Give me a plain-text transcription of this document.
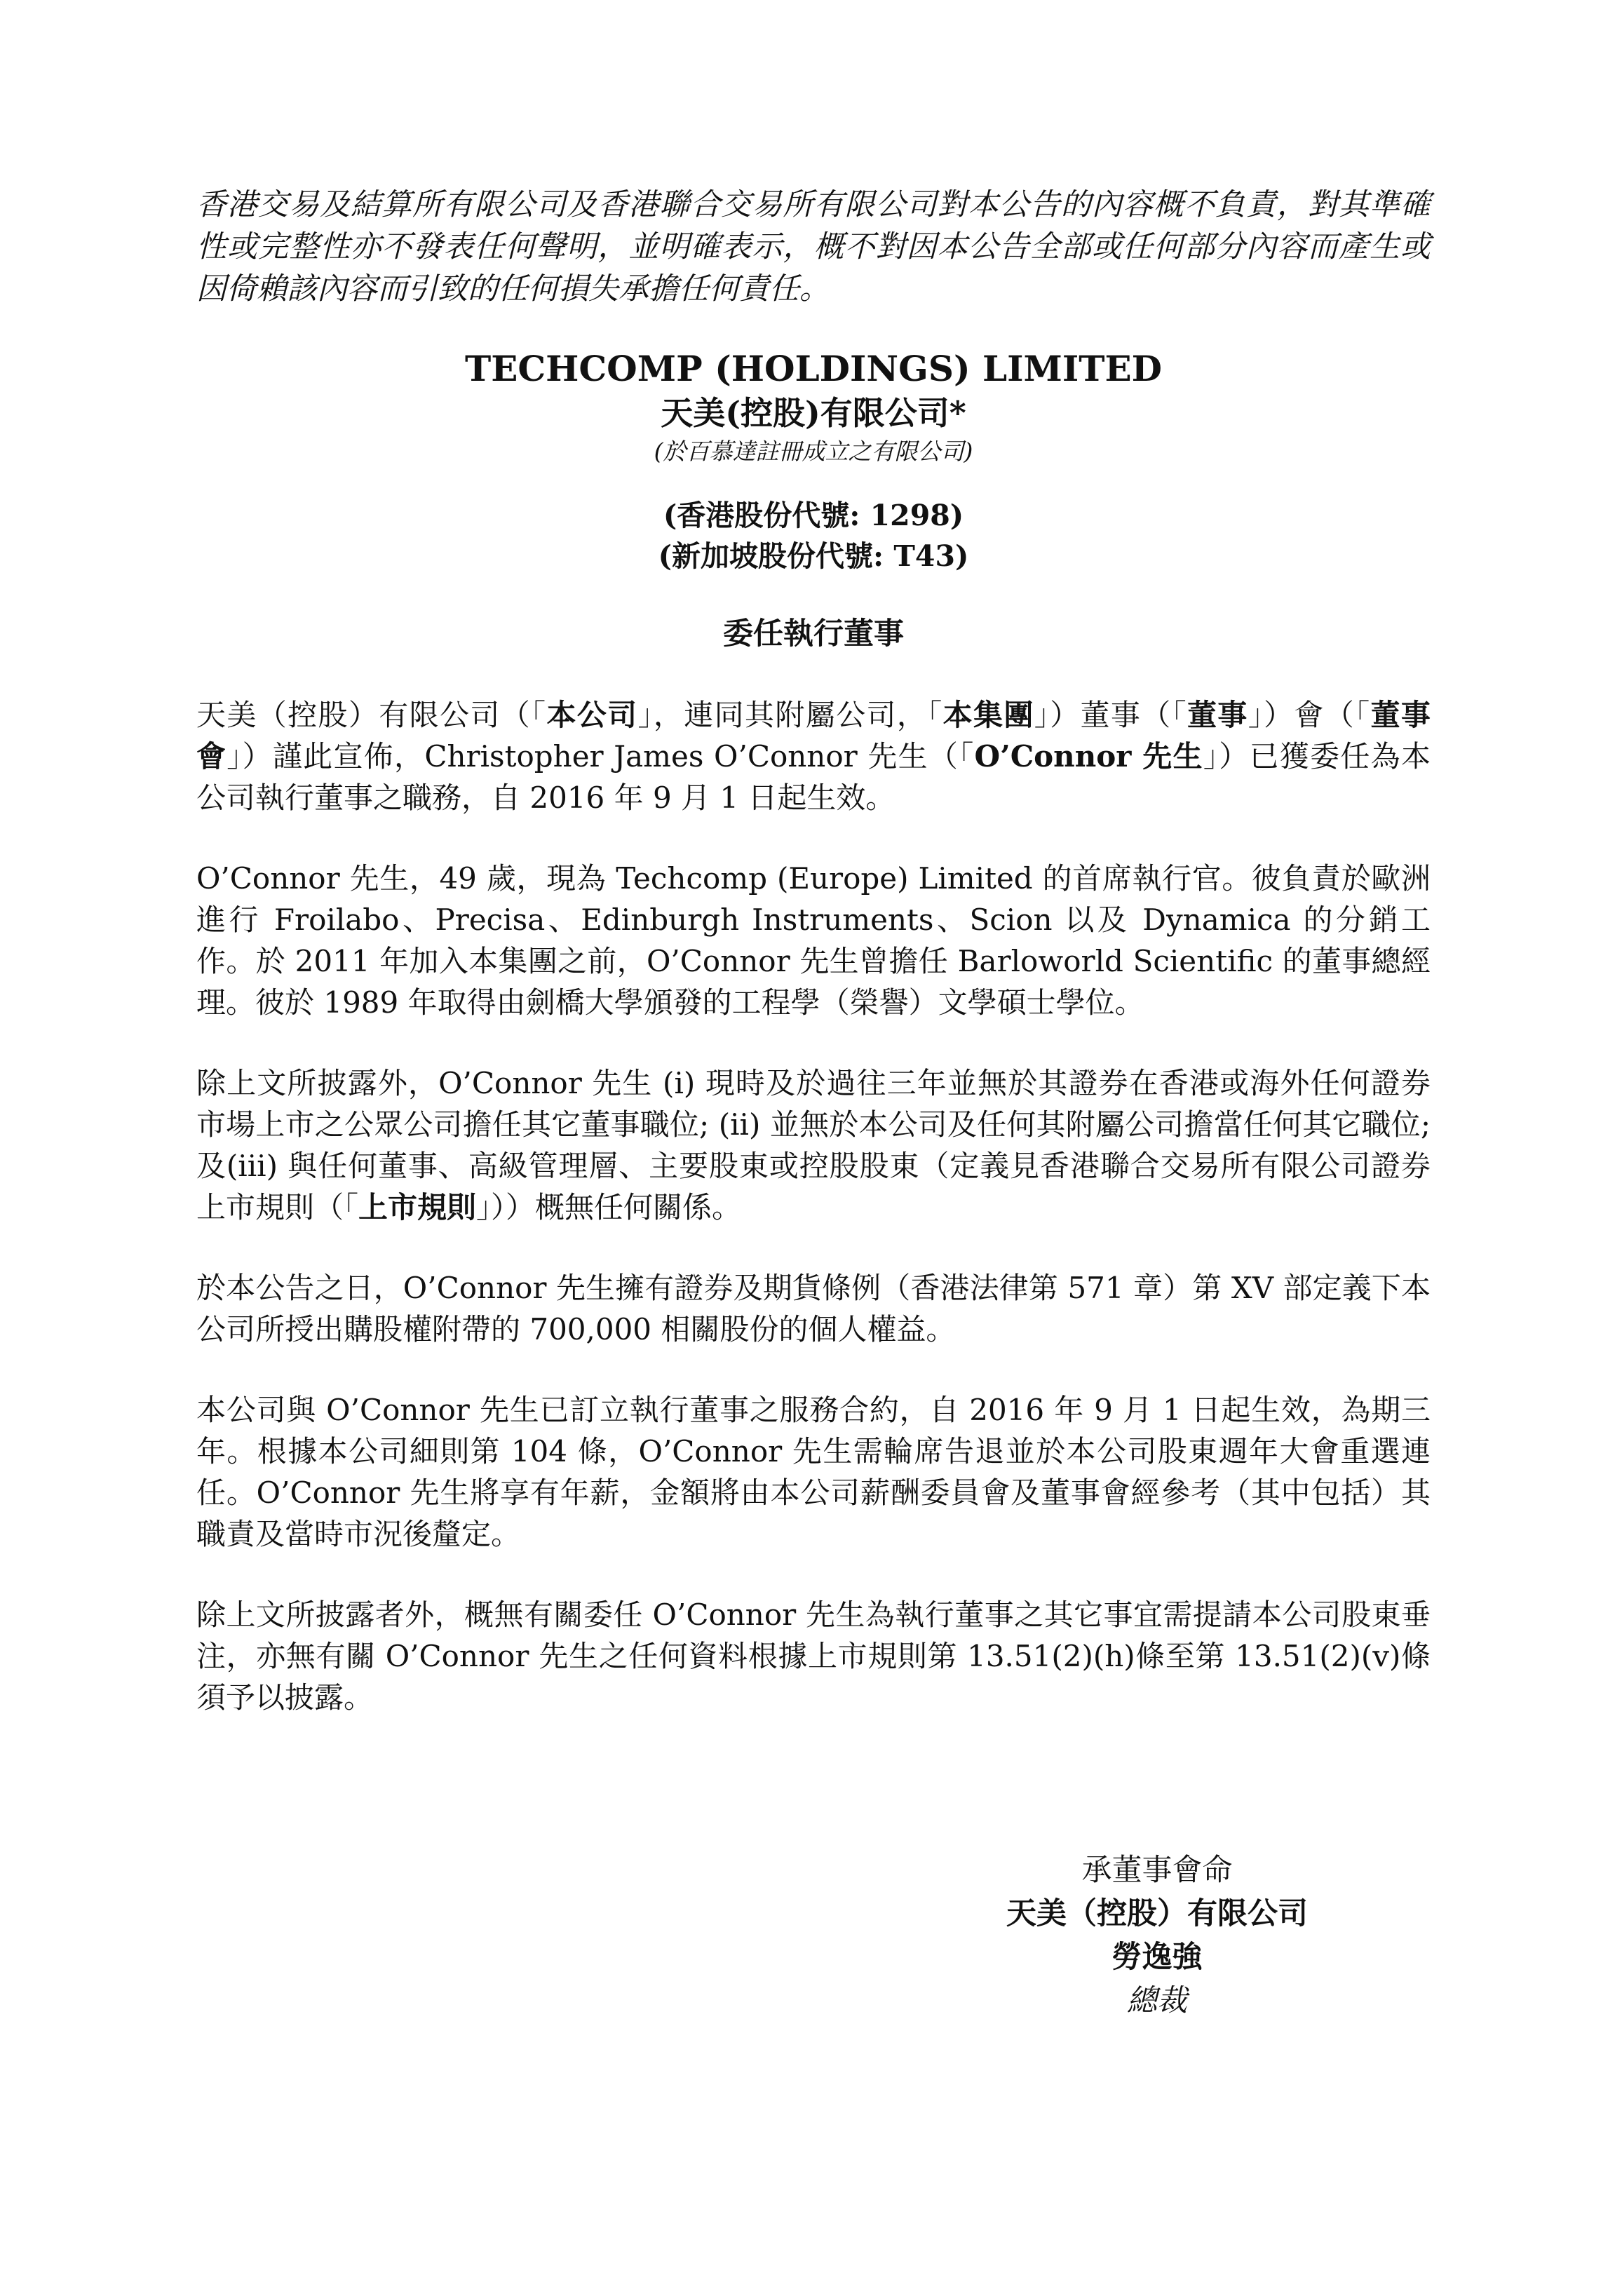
香港交易及結算所有限公司及香港聯合交易所有限公司對本公告的內容概不負責，對其準確性或完整性亦不發表任何聲明，並明確表示，概不對因本公告全部或任何部分內容而產生或因倚賴該內容而引致的任何損失承擔任何責任。

TECHCOMP (HOLDINGS) LIMITED
天美(控股)有限公司*
(於百慕達註冊成立之有限公司)
(香港股份代號: 1298)
(新加坡股份代號: T43)
委任執行董事

天美（控股）有限公司（「本公司」，連同其附屬公司，「本集團」）董事（「董事」）會（「董事會」）謹此宣佈，Christopher James O’Connor 先生（「O’Connor 先生」）已獲委任為本公司執行董事之職務，自 2016 年 9 月 1 日起生效。

O’Connor 先生，49 歲，現為 Techcomp (Europe) Limited 的首席執行官。彼負責於歐洲進行 Froilabo、Precisa、Edinburgh Instruments、Scion 以及 Dynamica 的分銷工作。於 2011 年加入本集團之前，O’Connor 先生曾擔任 Barloworld Scientific 的董事總經理。彼於 1989 年取得由劍橋大學頒發的工程學（榮譽）文學碩士學位。

除上文所披露外，O’Connor 先生 (i) 現時及於過往三年並無於其證券在香港或海外任何證券市場上市之公眾公司擔任其它董事職位; (ii) 並無於本公司及任何其附屬公司擔當任何其它職位; 及(iii) 與任何董事、高級管理層、主要股東或控股股東（定義見香港聯合交易所有限公司證券上市規則（「上市規則」））概無任何關係。

於本公告之日，O’Connor 先生擁有證券及期貨條例（香港法律第 571 章）第 XV 部定義下本公司所授出購股權附帶的 700,000 相關股份的個人權益。

本公司與 O’Connor 先生已訂立執行董事之服務合約，自 2016 年 9 月 1 日起生效，為期三年。根據本公司細則第 104 條，O’Connor 先生需輪席告退並於本公司股東週年大會重選連任。O’Connor 先生將享有年薪，金額將由本公司薪酬委員會及董事會經參考（其中包括）其職責及當時市況後釐定。

除上文所披露者外，概無有關委任 O’Connor 先生為執行董事之其它事宜需提請本公司股東垂注，亦無有關 O’Connor 先生之任何資料根據上市規則第 13.51(2)(h)條至第 13.51(2)(v)條須予以披露。

承董事會命
天美（控股）有限公司
勞逸強
總裁
